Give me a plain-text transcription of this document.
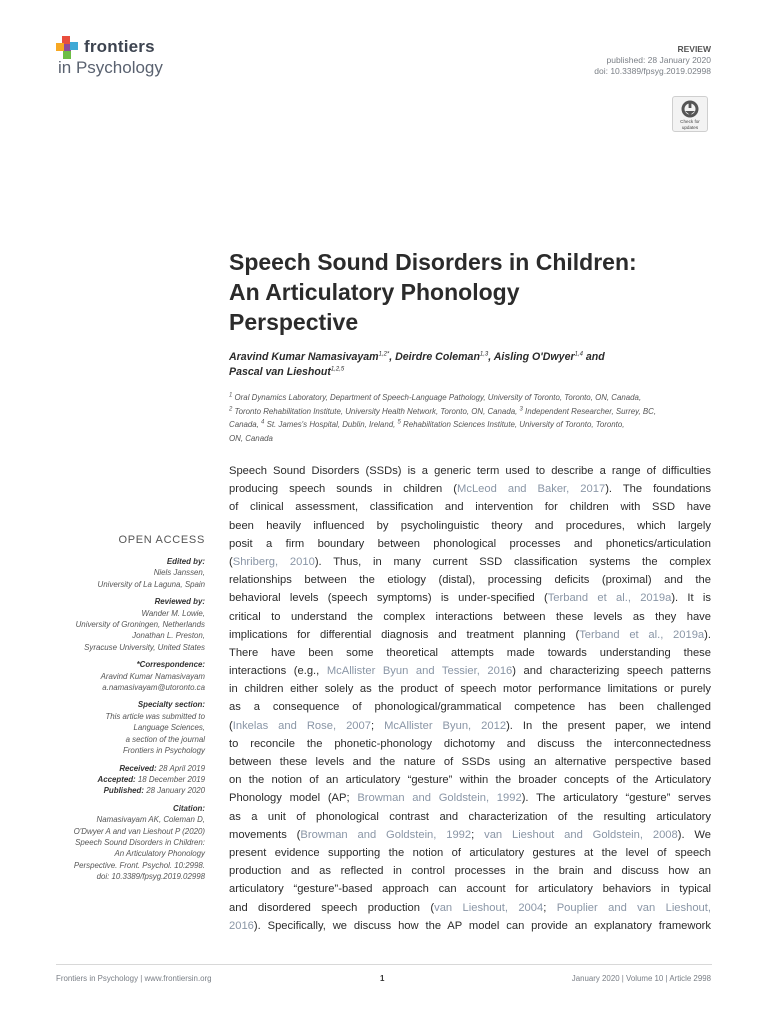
frontiers
in Psychology
REVIEW
published: 28 January 2020
doi: 10.3389/fpsyg.2019.02998
Check for
updates
Speech Sound Disorders in Children:
An Articulatory Phonology
Perspective
Aravind Kumar Namasivayam$^{1,2*}$, Deirdre Coleman$^{1,3}$, Aisling O'Dwyer$^{1,4}$ and
Pascal van Lieshout$^{1,2,5}$
$^1$ Oral Dynamics Laboratory, Department of Speech-Language Pathology, University of Toronto, Toronto, ON, Canada,
$^2$ Toronto Rehabilitation Institute, University Health Network, Toronto, ON, Canada, $^3$ Independent Researcher, Surrey, BC,
Canada, $^4$ St. James's Hospital, Dublin, Ireland, $^5$ Rehabilitation Sciences Institute, University of Toronto, Toronto,
ON, Canada
Speech Sound Disorders (SSDs) is a generic term used to describe a range of difficulties
producing speech sounds in children (McLeod and Baker, 2017). The foundations
of clinical assessment, classification and intervention for children with SSD have
been heavily influenced by psycholinguistic theory and procedures, which largely
posit a firm boundary between phonological processes and phonetics/articulation
(Shriberg, 2010). Thus, in many current SSD classification systems the complex
relationships between the etiology (distal), processing deficits (proximal) and the
behavioral levels (speech symptoms) is under-specified (Terband et al., 2019a). It is
critical to understand the complex interactions between these levels as they have
implications for differential diagnosis and treatment planning (Terband et al., 2019a).
There have been some theoretical attempts made towards understanding these
interactions (e.g., McAllister Byun and Tessier, 2016) and characterizing speech patterns
in children either solely as the product of speech motor performance limitations or purely
as a consequence of phonological/grammatical competence has been challenged
(Inkelas and Rose, 2007; McAllister Byun, 2012). In the present paper, we intend
to reconcile the phonetic-phonology dichotomy and discuss the interconnectedness
between these levels and the nature of SSDs using an alternative perspective based
on the notion of an articulatory “gesture” within the broader concepts of the Articulatory
Phonology model (AP; Browman and Goldstein, 1992). The articulatory “gesture” serves
as a unit of phonological contrast and characterization of the resulting articulatory
movements (Browman and Goldstein, 1992; van Lieshout and Goldstein, 2008). We
present evidence supporting the notion of articulatory gestures at the level of speech
production and as reflected in control processes in the brain and discuss how an
articulatory “gesture”-based approach can account for articulatory behaviors in typical
and disordered speech production (van Lieshout, 2004; Pouplier and van Lieshout,
2016). Specifically, we discuss how the AP model can provide an explanatory framework
OPEN ACCESS
Edited by:
Niels Janssen,
University of La Laguna, Spain
Reviewed by:
Wander M. Lowie,
University of Groningen, Netherlands
Jonathan L. Preston,
Syracuse University, United States
*Correspondence:
Aravind Kumar Namasivayam
a.namasivayam@utoronto.ca
Specialty section:
This article was submitted to
Language Sciences,
a section of the journal
Frontiers in Psychology
Received: 28 April 2019
Accepted: 18 December 2019
Published: 28 January 2020
Citation:
Namasivayam AK, Coleman D,
O'Dwyer A and van Lieshout P (2020)
Speech Sound Disorders in Children:
An Articulatory Phonology
Perspective. Front. Psychol. 10:2998.
doi: 10.3389/fpsyg.2019.02998
Frontiers in Psychology | www.frontiersin.org	1	January 2020 | Volume 10 | Article 2998
